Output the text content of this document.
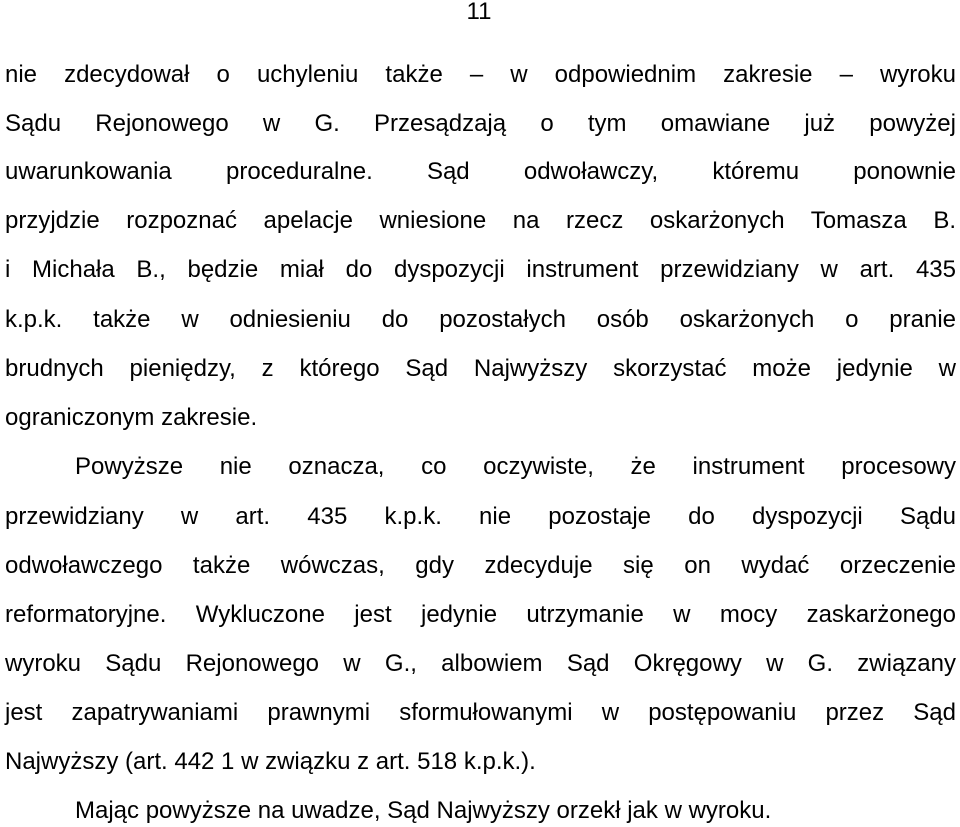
11
nie zdecydował o uchyleniu także – w odpowiednim zakresie – wyroku
Sądu Rejonowego w G. Przesądzają o tym omawiane już powyżej
uwarunkowania proceduralne. Sąd odwoławczy, któremu ponownie
przyjdzie rozpoznać apelacje wniesione na rzecz oskarżonych Tomasza B.
i Michała B., będzie miał do dyspozycji instrument przewidziany w art. 435
k.p.k. także w odniesieniu do pozostałych osób oskarżonych o pranie
brudnych pieniędzy, z którego Sąd Najwyższy skorzystać może jedynie w
ograniczonym zakresie.
Powyższe nie oznacza, co oczywiste, że instrument procesowy
przewidziany w art. 435 k.p.k. nie pozostaje do dyspozycji Sądu
odwoławczego także wówczas, gdy zdecyduje się on wydać orzeczenie
reformatoryjne. Wykluczone jest jedynie utrzymanie w mocy zaskarżonego
wyroku Sądu Rejonowego w G., albowiem Sąd Okręgowy w G. związany
jest zapatrywaniami prawnymi sformułowanymi w postępowaniu przez Sąd
Najwyższy (art. 442 1 w związku z art. 518 k.p.k.).
Mając powyższe na uwadze, Sąd Najwyższy orzekł jak w wyroku.
